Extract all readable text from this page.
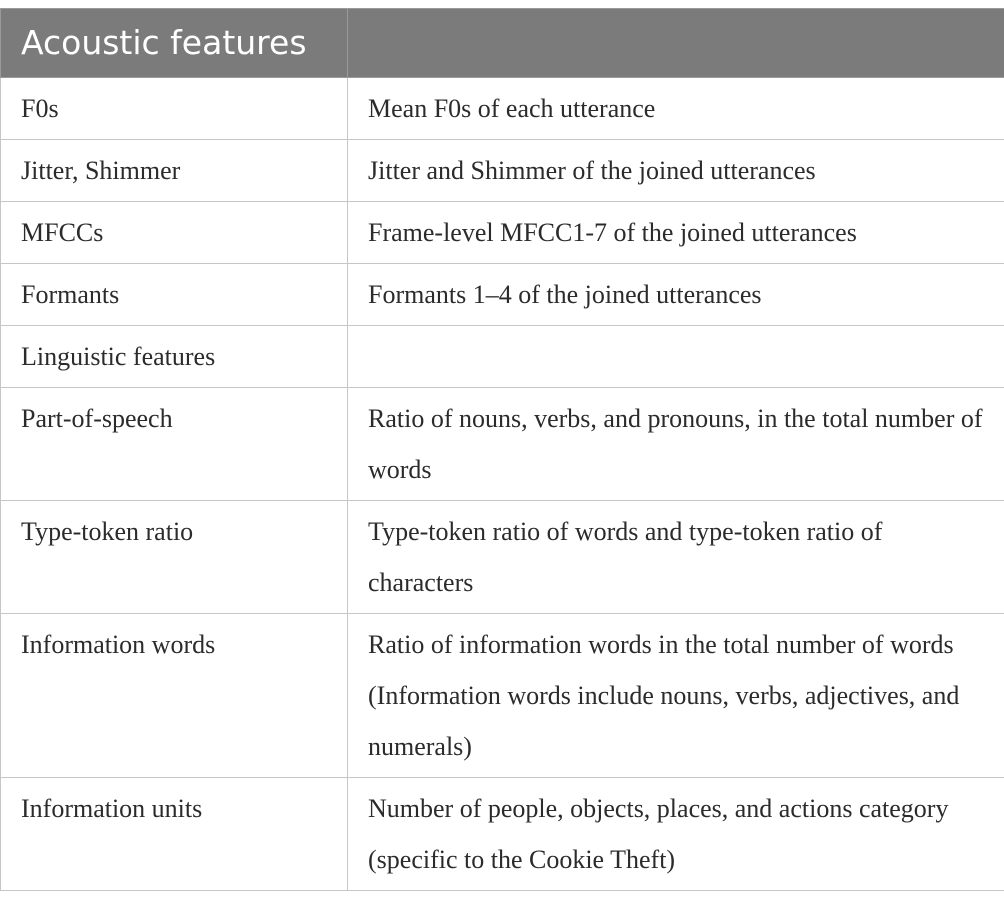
Acoustic features	
F0s	Mean F0s of each utterance
Jitter, Shimmer	Jitter and Shimmer of the joined utterances
MFCCs	Frame-level MFCC1-7 of the joined utterances
Formants	Formants 1–4 of the joined utterances
Linguistic features	
Part-of-speech	Ratio of nouns, verbs, and pronouns, in the total number of words
Type-token ratio	Type-token ratio of words and type-token ratio of characters
Information words	Ratio of information words in the total number of words (Information words include nouns, verbs, adjectives, and numerals)
Information units	Number of people, objects, places, and actions category (specific to the Cookie Theft)
